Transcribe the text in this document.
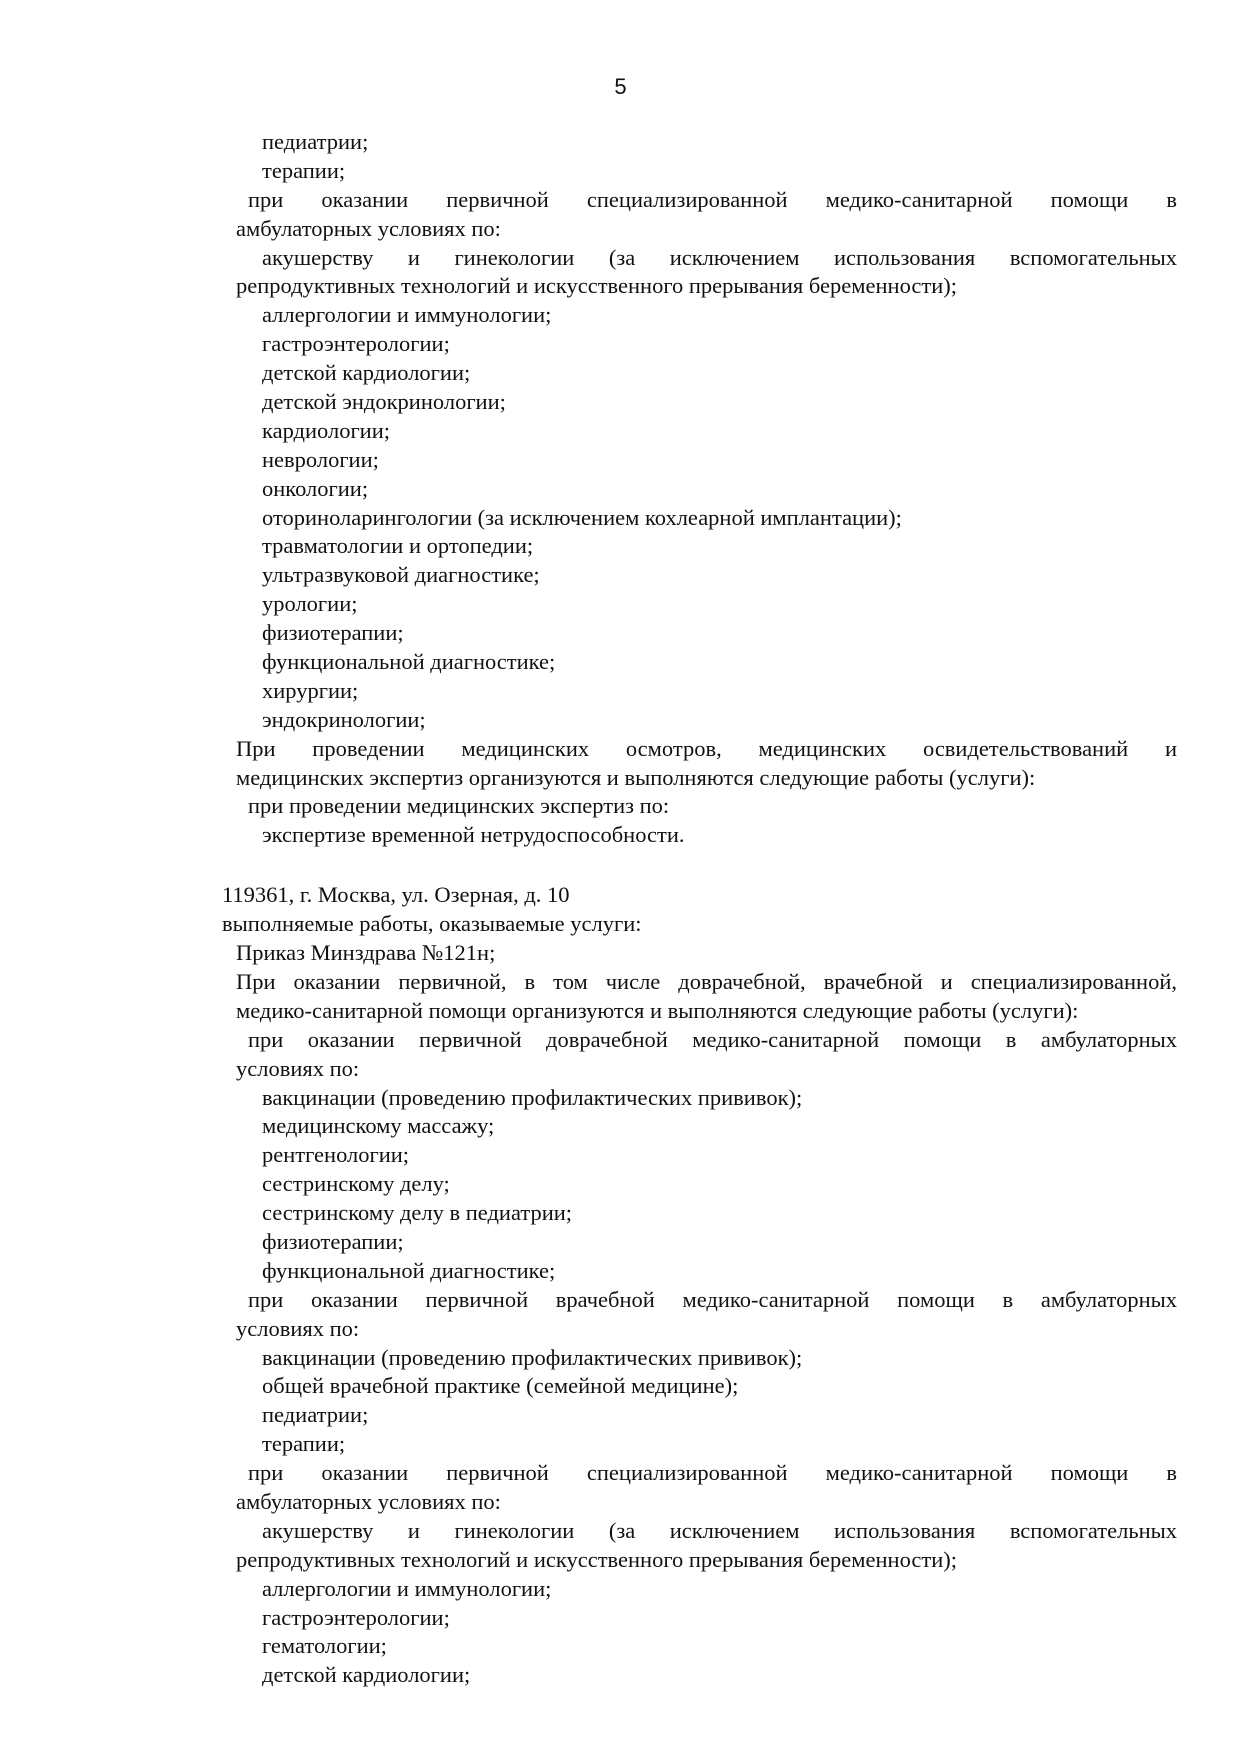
5
педиатрии;
терапии;
при оказании первичной специализированной медико-санитарной помощи в
амбулаторных условиях по:
акушерству и гинекологии (за исключением использования вспомогательных
репродуктивных технологий и искусственного прерывания беременности);
аллергологии и иммунологии;
гастроэнтерологии;
детской кардиологии;
детской эндокринологии;
кардиологии;
неврологии;
онкологии;
оториноларингологии (за исключением кохлеарной имплантации);
травматологии и ортопедии;
ультразвуковой диагностике;
урологии;
физиотерапии;
функциональной диагностике;
хирургии;
эндокринологии;
При проведении медицинских осмотров, медицинских освидетельствований и
медицинских экспертиз организуются и выполняются следующие работы (услуги):
при проведении медицинских экспертиз по:
экспертизе временной нетрудоспособности.
119361, г. Москва, ул. Озерная, д. 10
выполняемые работы, оказываемые услуги:
Приказ Минздрава №121н;
При оказании первичной, в том числе доврачебной, врачебной и специализированной,
медико-санитарной помощи организуются и выполняются следующие работы (услуги):
при оказании первичной доврачебной медико-санитарной помощи в амбулаторных
условиях по:
вакцинации (проведению профилактических прививок);
медицинскому массажу;
рентгенологии;
сестринскому делу;
сестринскому делу в педиатрии;
физиотерапии;
функциональной диагностике;
при оказании первичной врачебной медико-санитарной помощи в амбулаторных
условиях по:
вакцинации (проведению профилактических прививок);
общей врачебной практике (семейной медицине);
педиатрии;
терапии;
при оказании первичной специализированной медико-санитарной помощи в
амбулаторных условиях по:
акушерству и гинекологии (за исключением использования вспомогательных
репродуктивных технологий и искусственного прерывания беременности);
аллергологии и иммунологии;
гастроэнтерологии;
гематологии;
детской кардиологии;
